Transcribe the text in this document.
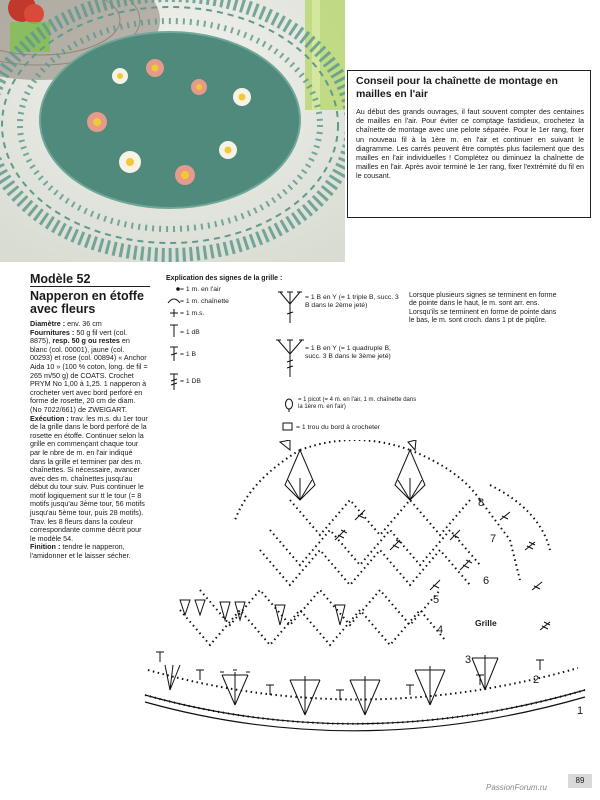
Conseil pour la chaînette de montage en mailles en l'air
Au début des grands ouvrages, il faut souvent compter des centaines de mailles en l'air. Pour éviter ce comptage fastidieux, crochetez la chaînette de montage avec une pelote séparée. Pour le 1er rang, fixer un nouveau fil à la 1ère m. en l'air et continuer en suivant le diagramme. Les carrés peuvent être comptés plus facilement que des mailles en l'air individuelles ! Complétez ou diminuez la chaînette de mailles en l'air. Après avoir terminé le 1er rang, fixer l'extrémité du fil en le cousant.
Modèle 52
Napperon en étoffe
avec fleurs

Diamètre : env. 36 cm

Fournitures : 50 g fil vert (col. 8875), resp. 50 g ou restes en blanc (col. 00001), jaune (col. 00293) et rose (col. 00894) « Anchor Aida 10 » (100 % coton, long. de fil = 265 m/50 g) de COATS. Crochet PRYM No 1,00 à 1,25. 1 napperon à crocheter vert avec bord perforé en forme de rosette, 20 cm de diam. (No 7022/661) de ZWEIGART.

Exécution : trav. les m.s. du 1er tour de la grille dans le bord perforé de la rosette en étoffe. Continuer selon la grille en commençant chaque tour par le nbre de m. en l'air indiqué dans la grille et terminer par des m. chaînettes. Si nécessaire, avancer avec des m. chaînettes jusqu'au début du tour suiv. Puis continuer le motif logiquement sur tt le tour (= 8 motifs jusqu'au 3ème tour, 56 motifs jusqu'au 5ème tour, puis 28 motifs). Trav. les 8 fleurs dans la couleur correspondante comme décrit pour le modèle 54.

Finition : tendre le napperon, l'amidonner et le laisser sécher.

Explication des signes de la grille :
= 1 m. en l'air
= 1 m. chaînette
= 1 m.s.
= 1 dB
= 1 B
= 1 DB
= 1 B en Y (= 1 triple B, succ. 3 B dans le 2ème jeté)
= 1 B en Y (= 1 quadruple B, succ. 3 B dans le 3ème jeté)
= 1 picot (= 4 m. en l'air, 1 m. chaînette dans la 1ère m. en l'air)
= 1 trou du bord à crocheter
Lorsque plusieurs signes se terminent en forme de pointe dans le haut, le m. sont arr. ens. Lorsqu'ils se terminent en forme de pointe dans le bas, le m. sont croch. dans 1 pt de piqûre.
Grille
1
2
3
4
5
6
7
8
89
PassionForum.ru
